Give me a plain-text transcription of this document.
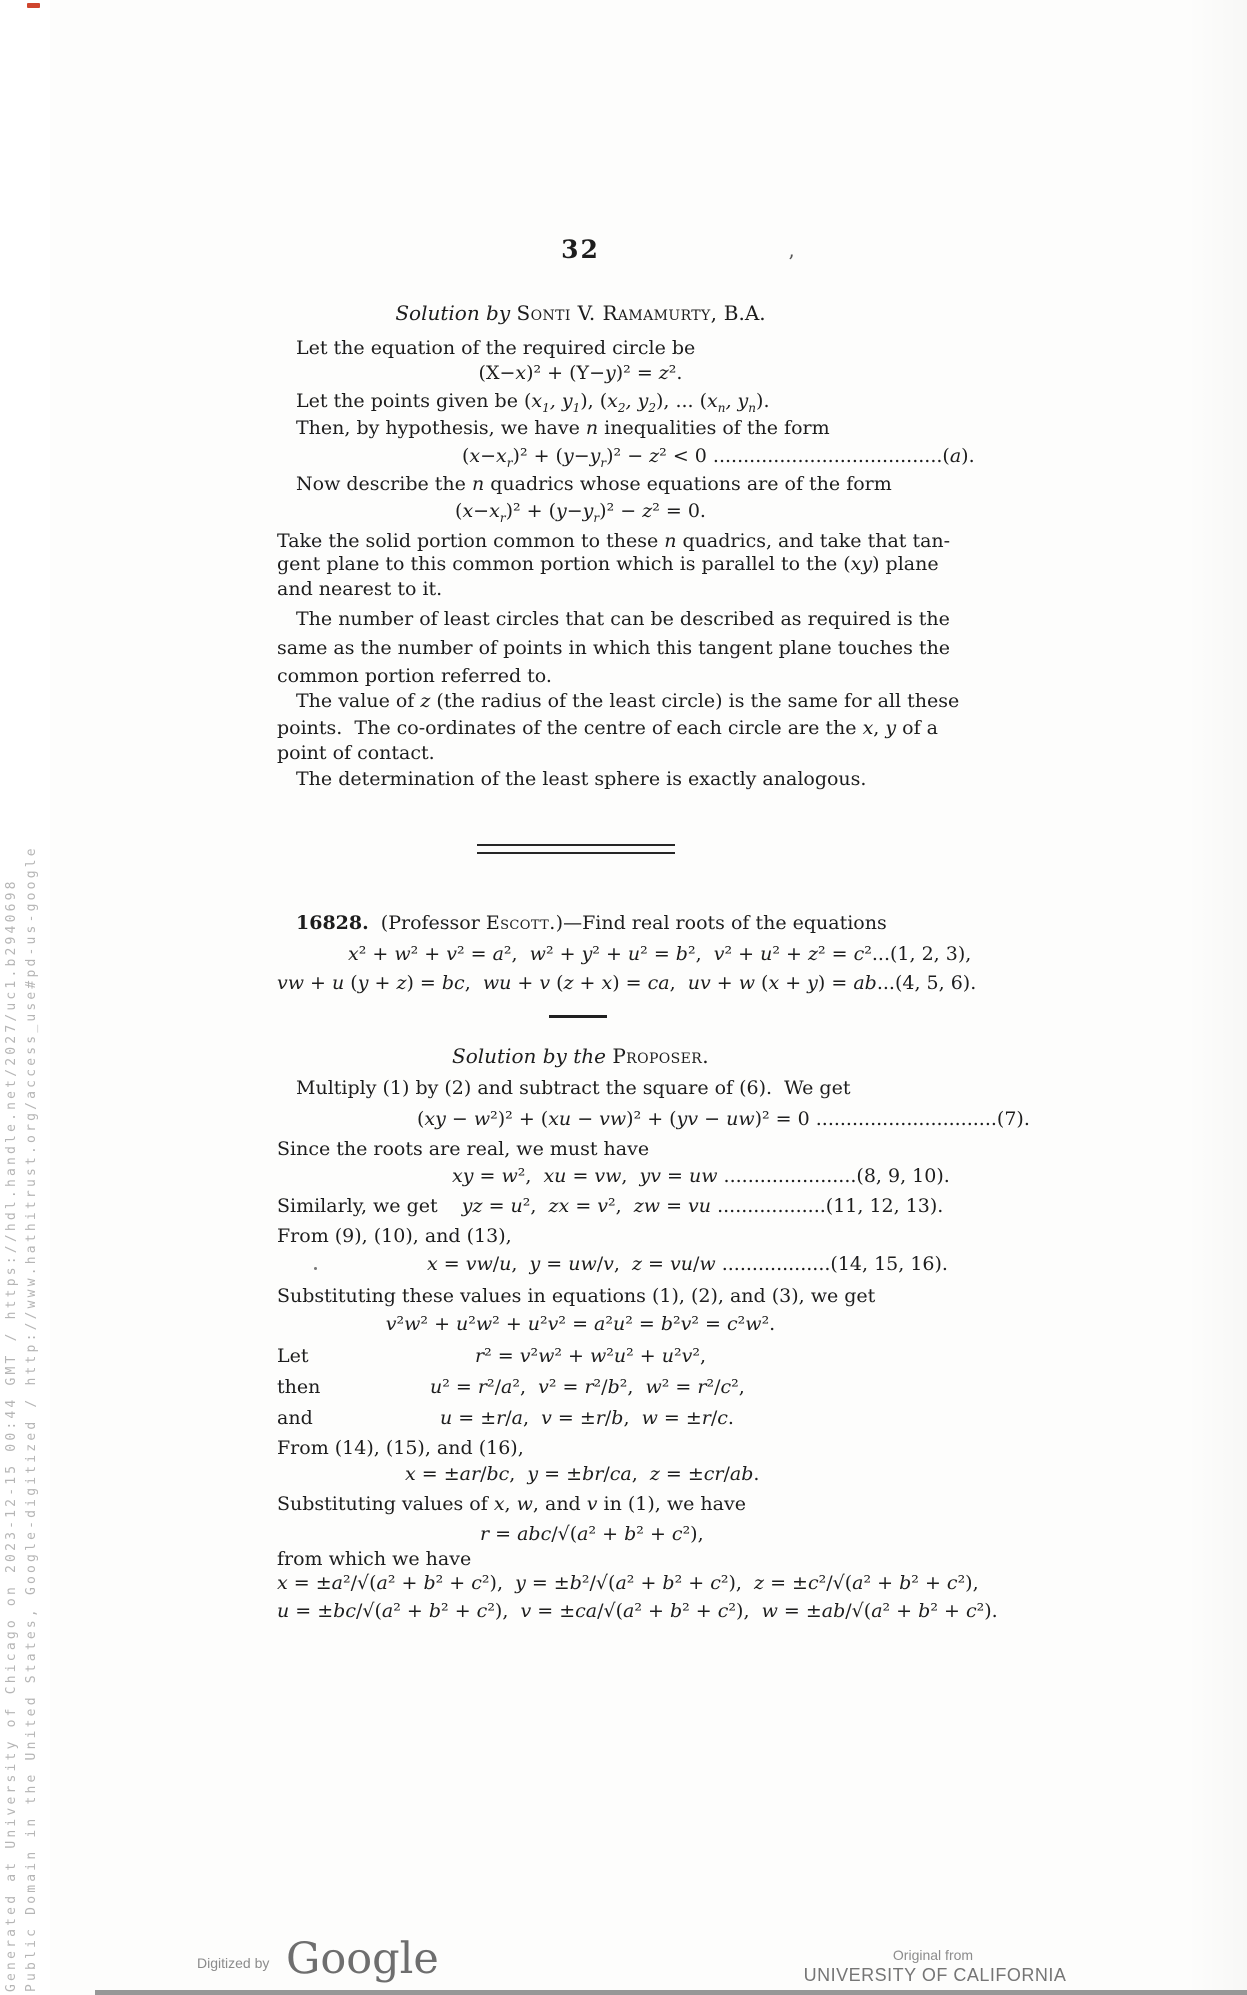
’
Generated at University of Chicago on 2023-12-15 00:44 GMT / https://hdl.handle.net/2027/uc1.b2940698 Public Domain in the United States, Google-digitized / http://www.hathitrust.org/access_use#pd-us-google
32
Solution by Sonti V. Ramamurty, B.A.
Let the equation of the required circle be
(X−x)² + (Y−y)² = z².
Let the points given be ($x_1$, $y_1$), ($x_2$, $y_2$), ... ($x_n$, $y_n$).
Then, by hypothesis, we have n inequalities of the form
$(x-x_r)^2 + (y-y_r)^2 - z^2 < 0$ ......................................(a).
Now describe the n quadrics whose equations are of the form
$(x-x_r)^2 + (y-y_r)^2 - z^2 = 0$.
Take the solid portion common to these n quadrics, and take that tan-
gent plane to this common portion which is parallel to the (xy) plane
and nearest to it.
The number of least circles that can be described as required is the
same as the number of points in which this tangent plane touches the
common portion referred to.
The value of z (the radius of the least circle) is the same for all these
points.  The co-ordinates of the centre of each circle are the x, y of a
point of contact.
The determination of the least sphere is exactly analogous.
16828.  (Professor Escott.)—Find real roots of the equations
x² + w² + v² = a²,  w² + y² + u² = b²,  v² + u² + z² = c²...(1, 2, 3),
vw + u (y + z) = bc,  wu + v (z + x) = ca,  uv + w (x + y) = ab...(4, 5, 6).
Solution by the Proposer.
Multiply (1) by (2) and subtract the square of (6).  We get
(xy − w²)² + (xu − vw)² + (yv − uw)² = 0 ..............................(7).
Since the roots are real, we must have
xy = w²,  xu = vw,  yv = uw ......................(8, 9, 10).
Similarly, we get    yz = u²,  zx = v²,  zw = vu ..................(11, 12, 13).
From (9), (10), and (13),
x = vw/u,  y = uw/v,  z = vu/w ..................(14, 15, 16).
Substituting these values in equations (1), (2), and (3), we get
v²w² + u²w² + u²v² = a²u² = b²v² = c²w².
Let	r² = v²w² + w²u² + u²v²,
then	u² = r²/a²,  v² = r²/b²,  w² = r²/c²,
and	u = ±r/a,  v = ±r/b,  w = ±r/c.
From (14), (15), and (16),
x = ±ar/bc,  y = ±br/ca,  z = ±cr/ab.
Substituting values of x, w, and v in (1), we have
r = abc/√(a² + b² + c²),
from which we have
x = ±a²/√(a² + b² + c²),  y = ±b²/√(a² + b² + c²),  z = ±c²/√(a² + b² + c²),
u = ±bc/√(a² + b² + c²),  v = ±ca/√(a² + b² + c²),  w = ±ab/√(a² + b² + c²).
Digitized by Google	Original from
UNIVERSITY OF CALIFORNIA
